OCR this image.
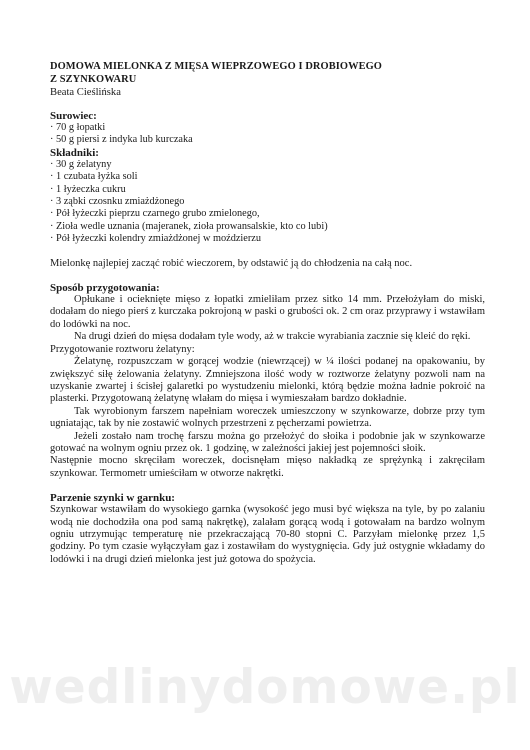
DOMOWA MIELONKA Z MIĘSA WIEPRZOWEGO I DROBIOWEGO
Z SZYNKOWARU
Beata Cieślińska
Surowiec:
· 70 g łopatki
· 50 g piersi z indyka lub kurczaka
Składniki:
· 30 g żelatyny
· 1 czubata łyżka soli
· 1 łyżeczka cukru
· 3 ząbki czosnku zmiażdżonego
· Pół łyżeczki pieprzu czarnego grubo zmielonego,
· Zioła wedle uznania (majeranek, zioła prowansalskie, kto co lubi)
· Pół łyżeczki kolendry zmiażdżonej w moździerzu
Mielonkę najlepiej zacząć robić wieczorem, by odstawić ją do chłodzenia na całą noc.
Sposób przygotowania:
Opłukane i ocieknięte mięso z łopatki zmieliłam przez sitko 14 mm. Przełożyłam do miski, dodałam do niego pierś z kurczaka pokrojoną w paski o grubości ok. 2 cm oraz przyprawy i wstawiłam do lodówki na noc.
Na drugi dzień do mięsa dodałam tyle wody, aż w trakcie wyrabiania zacznie się kleić do ręki.
Przygotowanie roztworu żelatyny:
Żelatynę, rozpuszczam w gorącej wodzie (niewrzącej) w ¼ ilości podanej na opakowaniu, by zwiększyć siłę żelowania żelatyny. Zmniejszona ilość wody w roztworze żelatyny pozwoli nam na uzyskanie zwartej i ścisłej galaretki po wystudzeniu mielonki, którą będzie można ładnie pokroić na plasterki. Przygotowaną żelatynę wlałam do mięsa i wymieszałam bardzo dokładnie.
Tak wyrobionym farszem napełniam woreczek umieszczony w szynkowarze, dobrze przy tym ugniatając, tak by nie zostawić wolnych przestrzeni z pęcherzami powietrza.
Jeżeli zostało nam trochę farszu można go przełożyć do słoika i podobnie jak w szynkowarze gotować na wolnym ogniu przez ok. 1 godzinę, w zależności jakiej jest pojemności słoik.
Następnie mocno skręciłam woreczek, docisnęłam mięso nakładką ze sprężynką i zakręciłam szynkowar. Termometr umieściłam w otworze nakrętki.
Parzenie szynki w garnku:
Szynkowar wstawiłam do wysokiego garnka (wysokość jego musi być większa na tyle, by po zalaniu wodą nie dochodziła ona pod samą nakrętkę), zalałam gorącą wodą i gotowałam na bardzo wolnym ogniu utrzymując temperaturę nie przekraczającą 70-80 stopni C. Parzyłam mielonkę przez 1,5 godziny. Po tym czasie wyłączyłam gaz i zostawiłam do wystygnięcia. Gdy już ostygnie wkładamy do lodówki i na drugi dzień mielonka jest już gotowa do spożycia.
wedlinydomowe.pl
